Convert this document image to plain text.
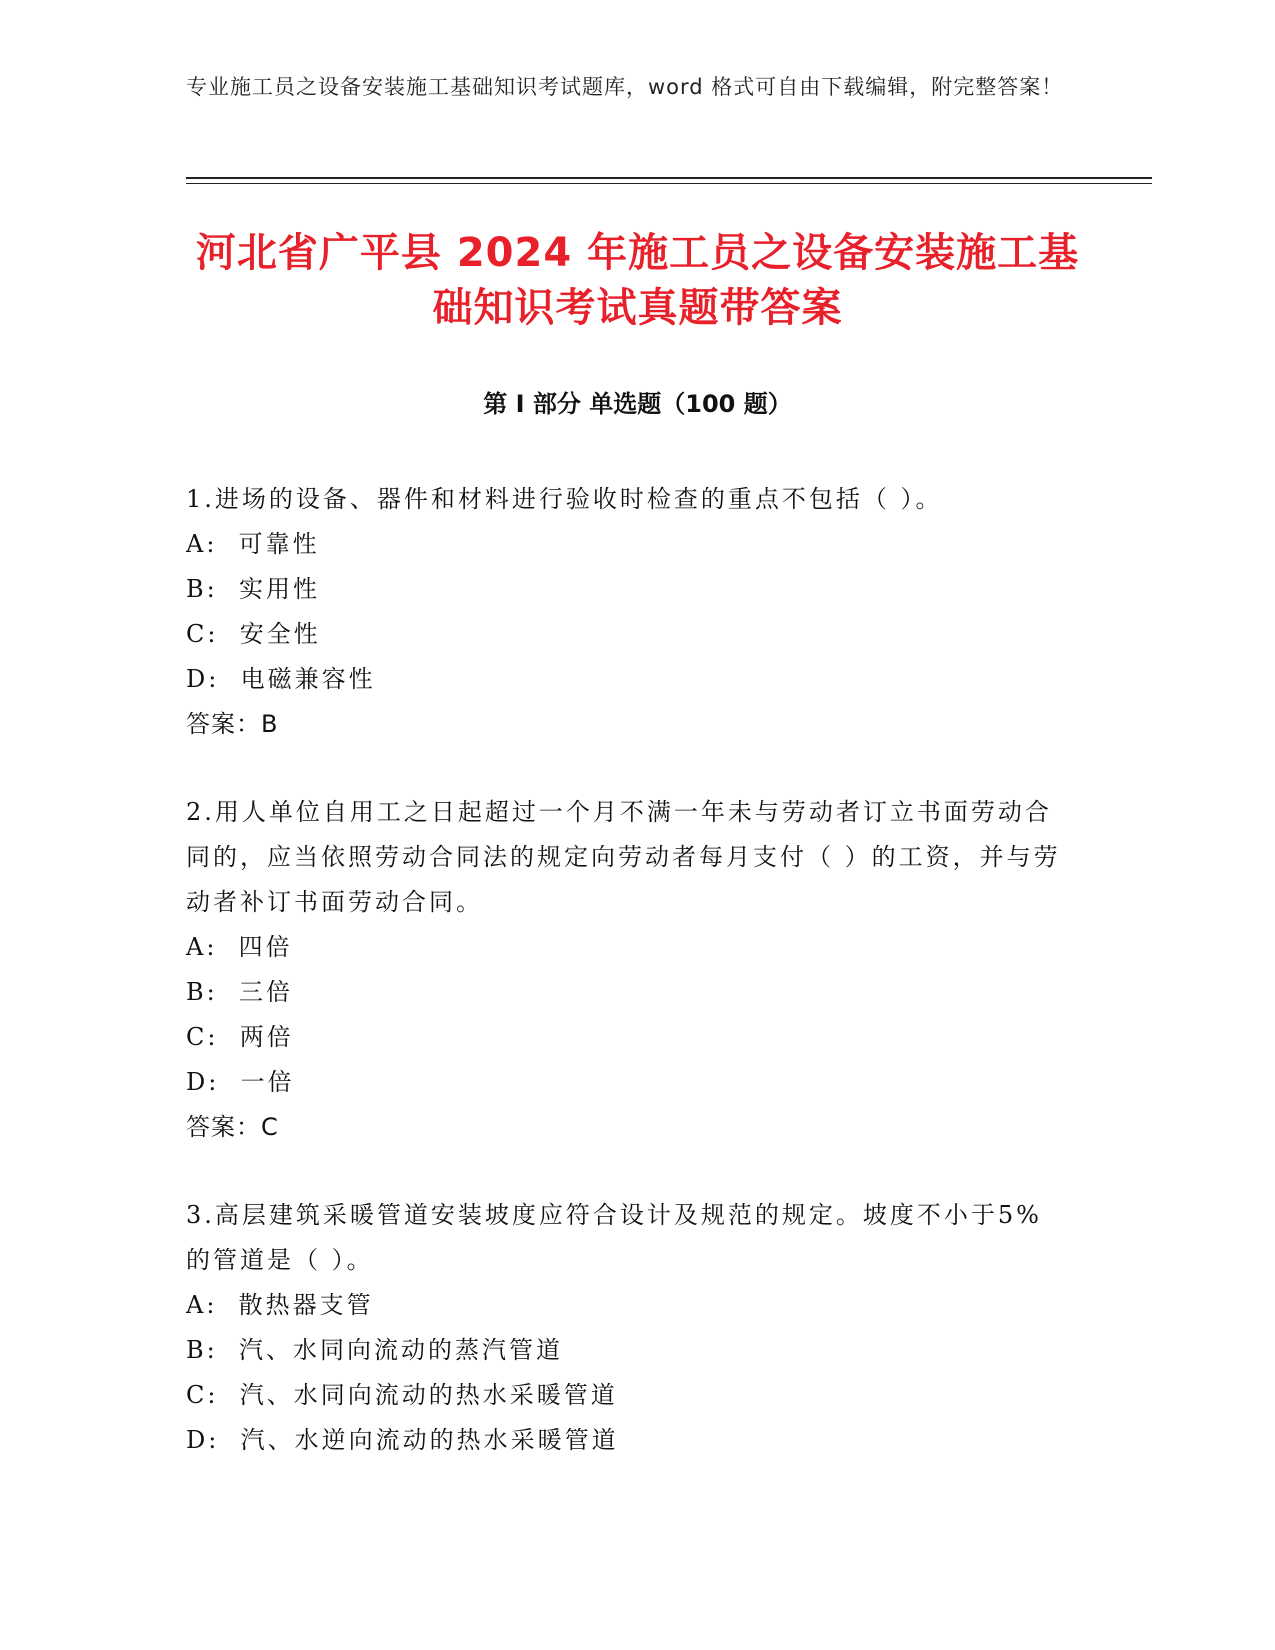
专业施工员之设备安装施工基础知识考试题库，word 格式可自由下载编辑，附完整答案！
河北省广平县 2024 年施工员之设备安装施工基础知识考试真题带答案
第 I 部分 单选题（100 题）

1.进场的设备、器件和材料进行验收时检查的重点不包括（ ）。

A:  可靠性
B:  实用性
C:  安全性
D:  电磁兼容性
答案：B

2.用人单位自用工之日起超过一个月不满一年未与劳动者订立书面劳动合同的，应当依照劳动合同法的规定向劳动者每月支付（ ）的工资，并与劳动者补订书面劳动合同。

A:  四倍
B:  三倍
C:  两倍
D:  一倍
答案：C

3.高层建筑采暖管道安装坡度应符合设计及规范的规定。坡度不小于5%的管道是（ ）。

A:  散热器支管
B:  汽、水同向流动的蒸汽管道
C:  汽、水同向流动的热水采暖管道
D:  汽、水逆向流动的热水采暖管道
